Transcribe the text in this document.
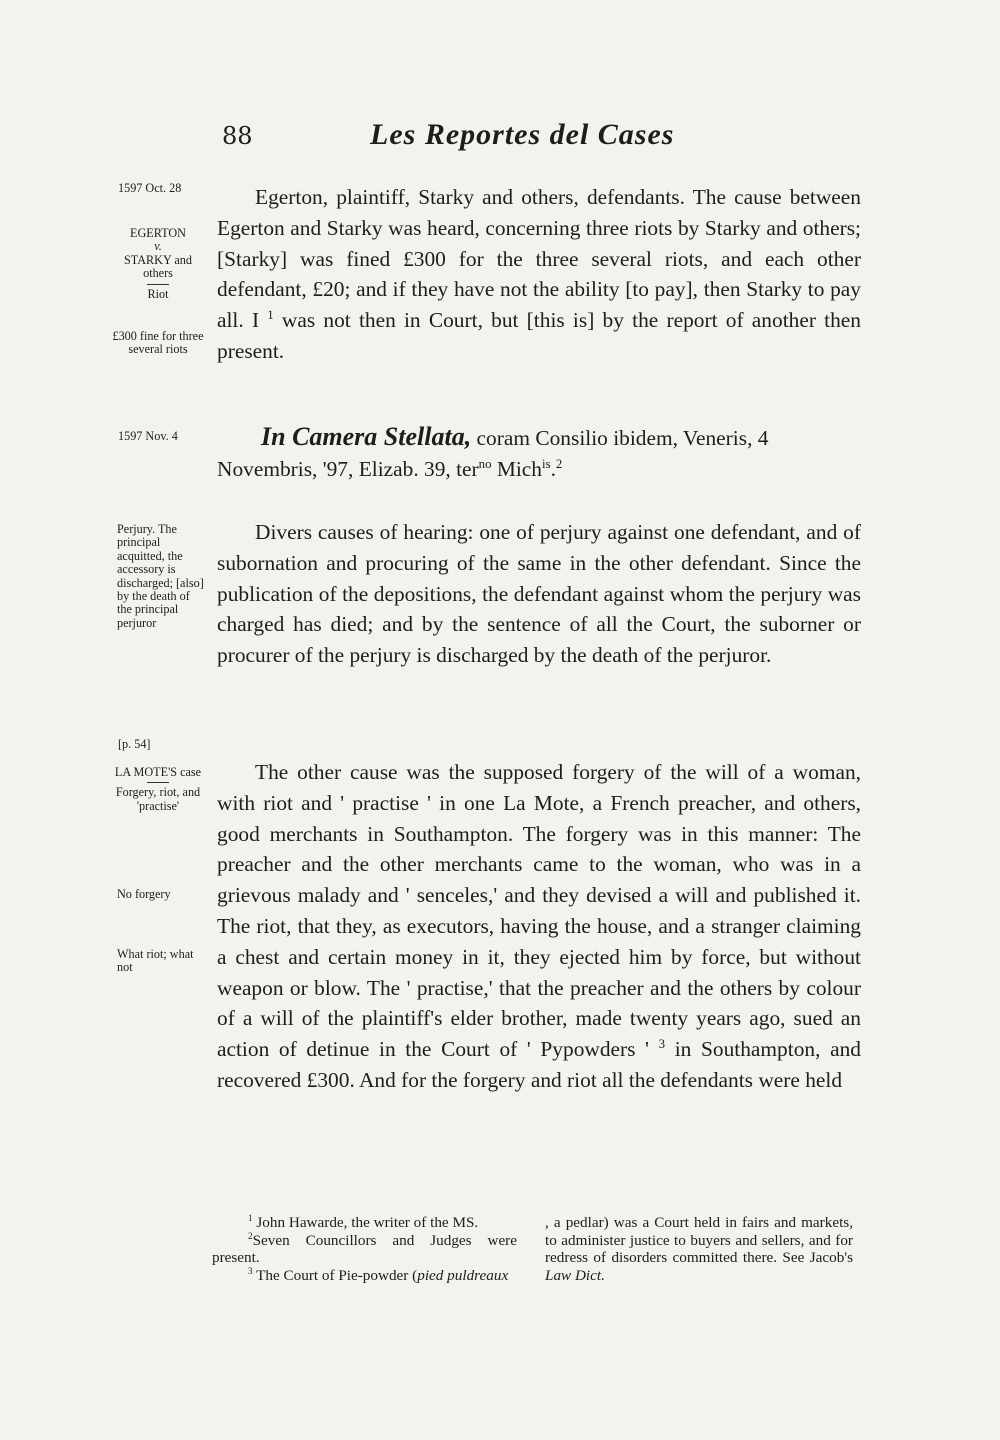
88	Les Reportes del Cases
1597 Oct. 28
EGERTON
v.
STARKY and others
Riot
£300 fine for three several riots
Egerton, plaintiff, Starky and others, defendants. The cause between Egerton and Starky was heard, concerning three riots by Starky and others; [Starky] was fined £300 for the three several riots, and each other defendant, £20; and if they have not the ability [to pay], then Starky to pay all. I $^1$ was not then in Court, but [this is] by the report of another then present.
1597 Nov. 4	In Camera Stellata, coram Consilio ibidem, Veneris, 4 Novembris, '97, Elizab. 39, ter$^{no}$ Mich$^{is}$.$^2$
Perjury. The principal acquitted, the accessory is discharged; [also] by the death of the principal perjuror
Divers causes of hearing: one of perjury against one defendant, and of subornation and procuring of the same in the other defendant. Since the publication of the depositions, the defendant against whom the perjury was charged has died; and by the sentence of all the Court, the suborner or procurer of the perjury is discharged by the death of the perjuror.
[p. 54]
LA MOTE'S case
Forgery, riot, and 'practise'
No forgery
What riot; what not
The other cause was the supposed forgery of the will of a woman, with riot and ' practise ' in one La Mote, a French preacher, and others, good merchants in Southampton. The forgery was in this manner: The preacher and the other merchants came to the woman, who was in a grievous malady and ' senceles,' and they devised a will and published it. The riot, that they, as executors, having the house, and a stranger claiming a chest and certain money in it, they ejected him by force, but without weapon or blow. The ' practise,' that the preacher and the others by colour of a will of the plaintiff's elder brother, made twenty years ago, sued an action of detinue in the Court of ' Pypowders ' $^3$ in Southampton, and recovered £300. And for the forgery and riot all the defendants were held

$^1$ John Hawarde, the writer of the MS.

$^2$Seven Councillors and Judges were present.

$^3$ The Court of Pie-powder (pied puldreaux

, a pedlar) was a Court held in fairs and markets, to administer justice to buyers and sellers, and for redress of disorders committed there. See Jacob's Law Dict.
